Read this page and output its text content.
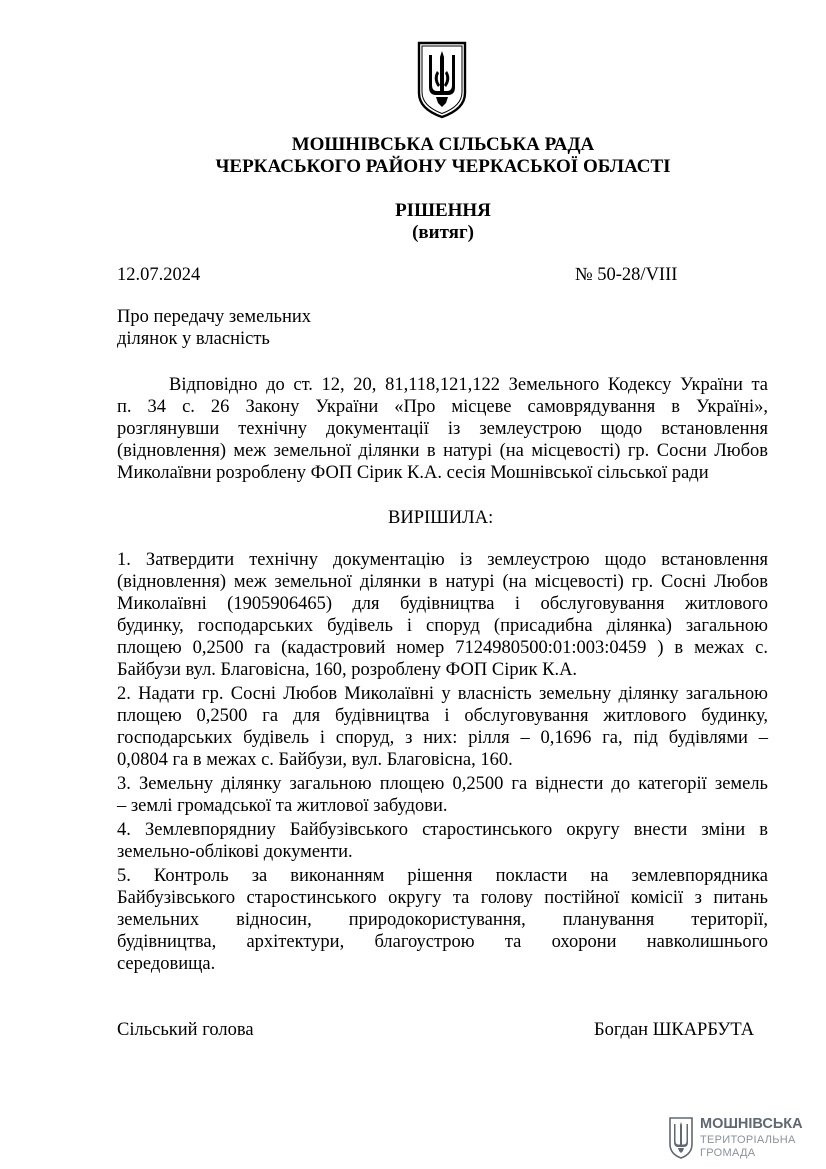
МОШНІВСЬКА СІЛЬСЬКА РАДА
ЧЕРКАСЬКОГО РАЙОНУ ЧЕРКАСЬКОЇ ОБЛАСТІ
РІШЕННЯ
(витяг)
12.07.2024	№ 50-28/VIII
Про передачу земельних
ділянок у власність
Відповідно до ст. 12, 20, 81,118,121,122 Земельного Кодексу України та
п. 34 с. 26 Закону України «Про місцеве самоврядування в Україні»,
розглянувши технічну документації із землеустрою щодо встановлення
(відновлення) меж земельної ділянки в натурі (на місцевості) гр. Сосни Любов
Миколаївни розроблену ФОП Сірик К.А. сесія Мошнівської сільської ради
ВИРІШИЛА:
1. Затвердити технічну документацію із землеустрою щодо встановлення
(відновлення) меж земельної ділянки в натурі (на місцевості) гр. Сосні Любов
Миколаївні (1905906465) для будівництва і обслуговування житлового
будинку, господарських будівель і споруд (присадибна ділянка) загальною
площею 0,2500 га (кадастровий номер 7124980500:01:003:0459 ) в межах с.
Байбузи вул. Благовісна, 160, розроблену ФОП Сірик К.А.
2. Надати гр. Сосні Любов Миколаївні у власність земельну ділянку загальною
площею 0,2500 га для будівництва і обслуговування житлового будинку,
господарських будівель і споруд, з них: рілля – 0,1696 га, під будівлями –
0,0804 га в межах с. Байбузи, вул. Благовісна, 160.
3. Земельну ділянку загальною площею 0,2500 га віднести до категорії земель
– землі громадської та житлової забудови.
4. Землевпорядниу Байбузівського старостинського округу внести зміни в
земельно-облікові документи.
5. Контроль за виконанням рішення покласти на землевпорядника
Байбузівського старостинського округу та голову постійної комісії з питань
земельних відносин, природокористування, планування території,
будівництва, архітектури, благоустрою та охорони навколишнього
середовища.
Сільський голова	Богдан ШКАРБУТА
МОШНІВСЬКА
ТЕРИТОРІАЛЬНА
ГРОМАДА
